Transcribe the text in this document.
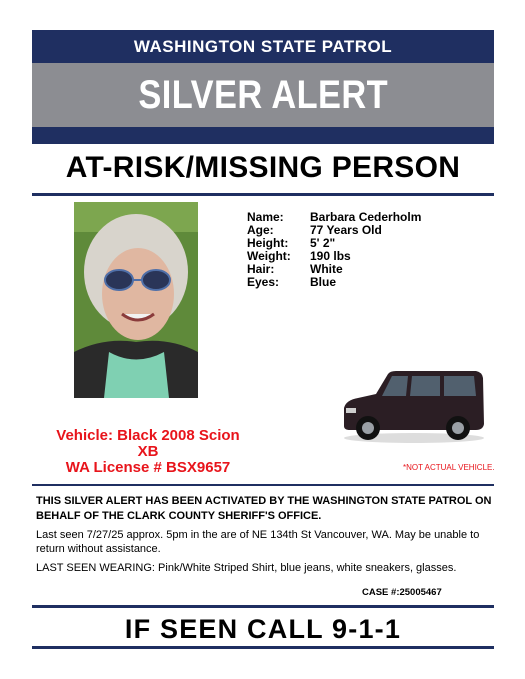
WASHINGTON STATE PATROL
SILVER ALERT
AT-RISK/MISSING PERSON
Name:	Barbara Cederholm
Age:	77 Years Old
Height:	5' 2"
Weight:	190 lbs
Hair:	White
Eyes:	Blue
Vehicle: Black 2008 Scion
XB
WA License # BSX9657	*NOT ACTUAL VEHICLE.

THIS SILVER ALERT HAS BEEN ACTIVATED BY THE WASHINGTON STATE PATROL ON BEHALF OF THE CLARK COUNTY SHERIFF'S OFFICE.

Last seen 7/27/25 approx. 5pm in the are of NE 134th St Vancouver, WA. May be unable to return without assistance.

LAST SEEN WEARING: Pink/White Striped Shirt, blue jeans, white sneakers, glasses.

CASE #:25005467
IF SEEN CALL 9-1-1
